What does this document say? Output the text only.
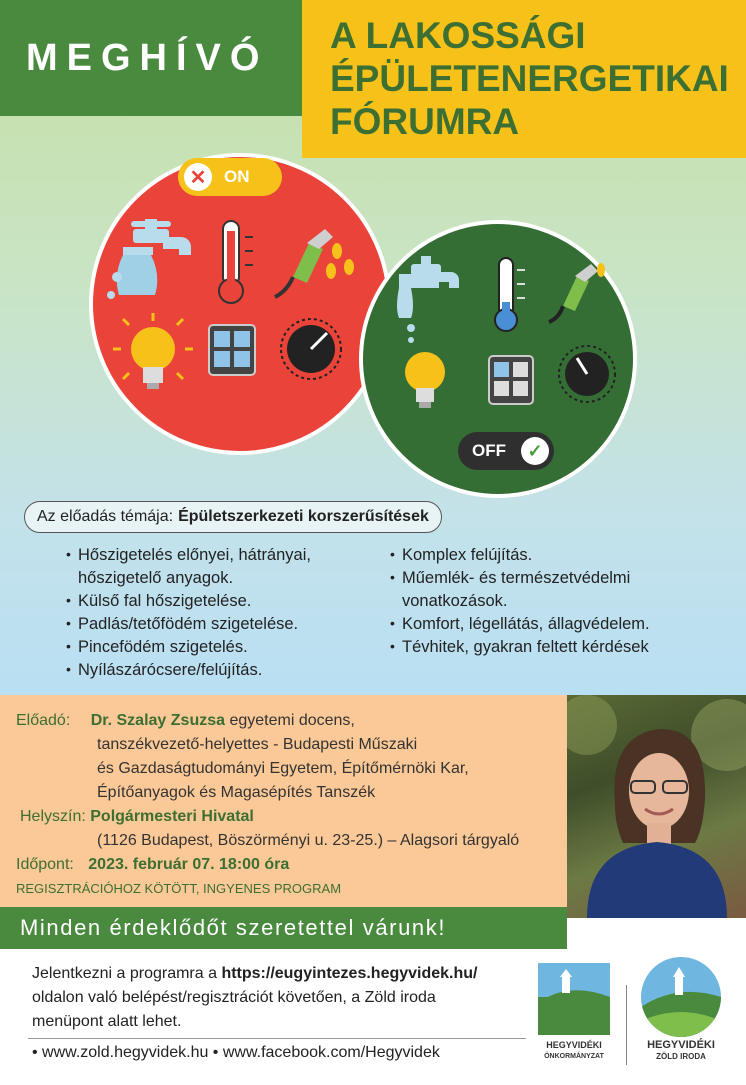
MEGHÍVÓ
A LAKOSSÁGI
ÉPÜLETENERGETIKAI
FÓRUMRA
✕	ON
OFF	✓
Az előadás témája: Épületszerkezeti korszerűsítések
• Hőszigetelés előnyei, hátrányai,
hőszigetelő anyagok.
• Külső fal hőszigetelése.
• Padlás/tetőfödém szigetelése.
• Pincefödém szigetelés.
• Nyílászárócsere/felújítás.
• Komplex felújítás.
• Műemlék- és természetvédelmi
vonatkozások.
• Komfort, légellátás, állagvédelem.
• Tévhitek, gyakran feltett kérdések
Előadó: Dr. Szalay Zsuzsa egyetemi docens,
tanszékvezető-helyettes - Budapesti Műszaki
és Gazdaságtudományi Egyetem, Építőmérnöki Kar,
Építőanyagok és Magasépítés Tanszék
Helyszín: Polgármesteri Hivatal
(1126 Budapest, Böszörményi u. 23-25.) – Alagsori tárgyaló
Időpont: 2023. február 07. 18:00 óra
REGISZTRÁCIÓHOZ KÖTÖTT, INGYENES PROGRAM
Minden érdeklődőt szeretettel várunk!
Jelentkezni a programra a https://eugyintezes.hegyvidek.hu/
oldalon való belépést/regisztrációt követően, a Zöld iroda
menüpont alatt lehet.
• www.zold.hegyvidek.hu • www.facebook.com/Hegyvidek	HEGYVIDÉKI
ÖNKORMÁNYZAT
HEGYVIDÉKI
ZÖLD IRODA
